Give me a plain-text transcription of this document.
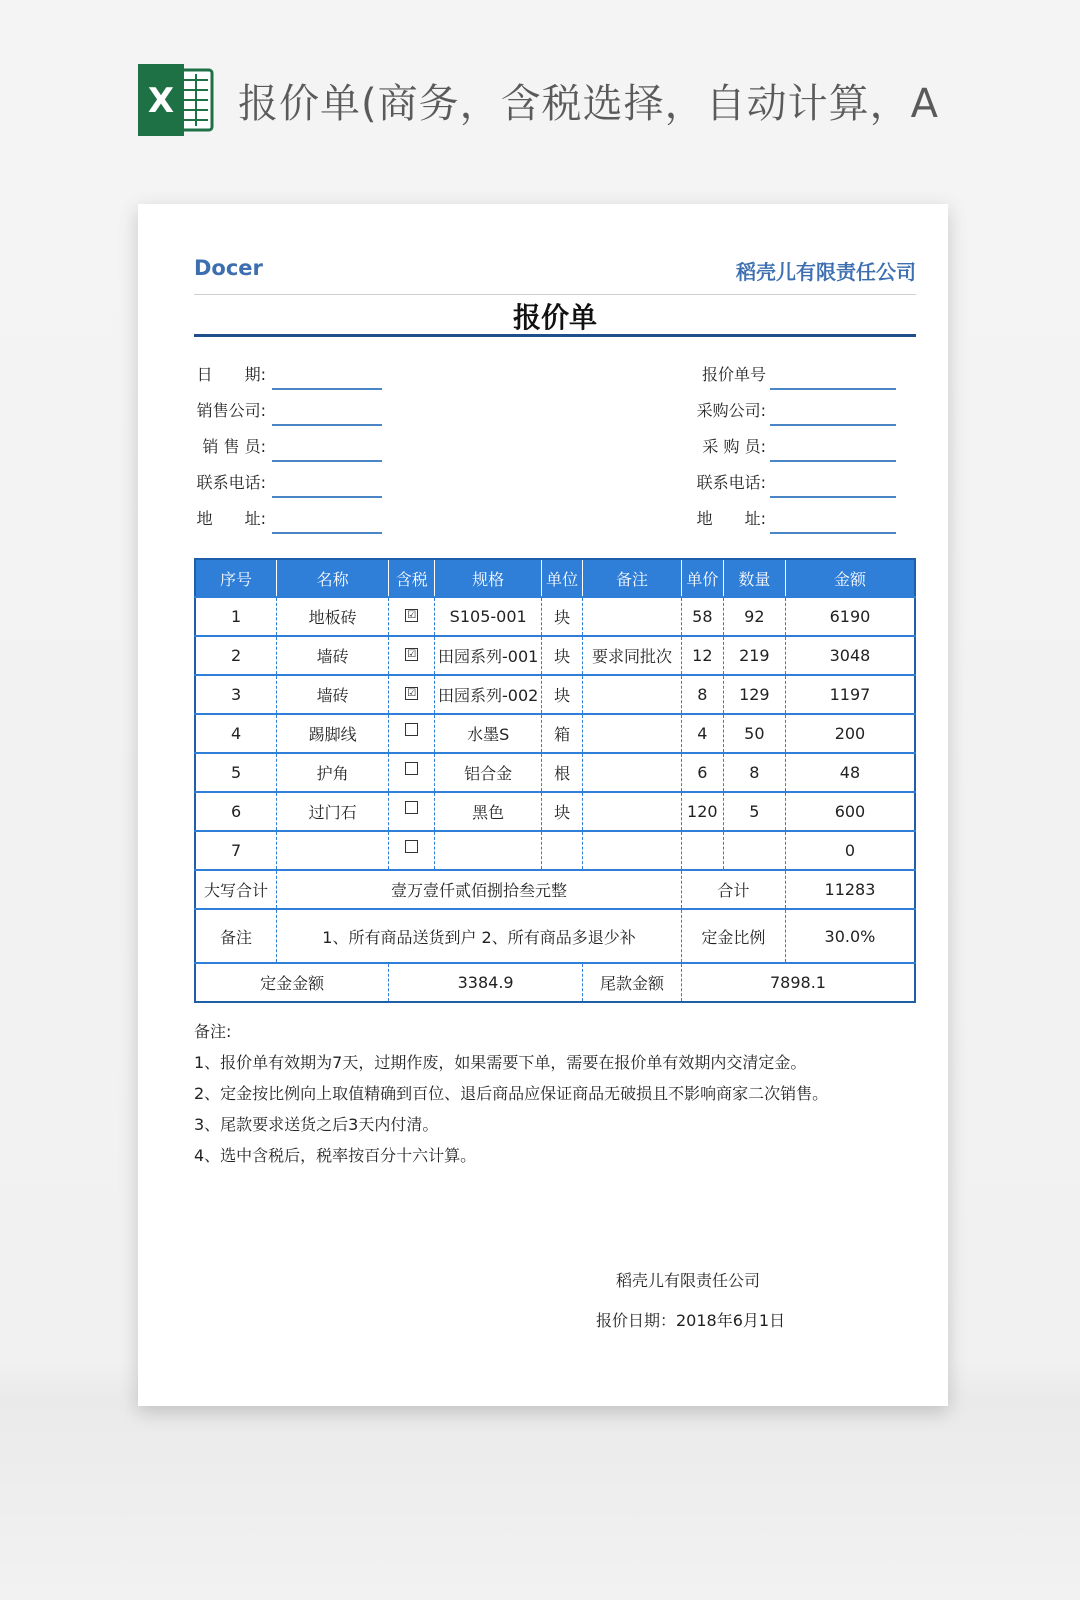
X 报价单(商务，含税选择，自动计算，A
Docer	稻壳儿有限责任公司
报价单
日　　期:
销售公司:
销 售 员:
联系电话:
地　　址:
报价单号
采购公司:
采 购 员:
联系电话:
地　　址:
序号	名称	含税	规格	单位	备注	单价	数量	金额
1	地板砖	☑	S105-001	块		58	92	6190
2	墙砖	☑	田园系列-001	块	要求同批次	12	219	3048
3	墙砖	☑	田园系列-002	块		8	129	1197
4	踢脚线		水墨S	箱		4	50	200
5	护角		铝合金	根		6	8	48
6	过门石		黑色	块		120	5	600
7								0
大写合计	壹万壹仟贰佰捌拾叁元整					合计		11283
备注	1、所有商品送货到户 2、所有商品多退少补					定金比例		30.0%
定金金额		3384.9			尾款金额	7898.1		
备注:
1、报价单有效期为7天，过期作废，如果需要下单，需要在报价单有效期内交清定金。
2、定金按比例向上取值精确到百位、退后商品应保证商品无破损且不影响商家二次销售。
3、尾款要求送货之后3天内付清。
4、选中含税后，税率按百分十六计算。
稻壳儿有限责任公司
报价日期：2018年6月1日
